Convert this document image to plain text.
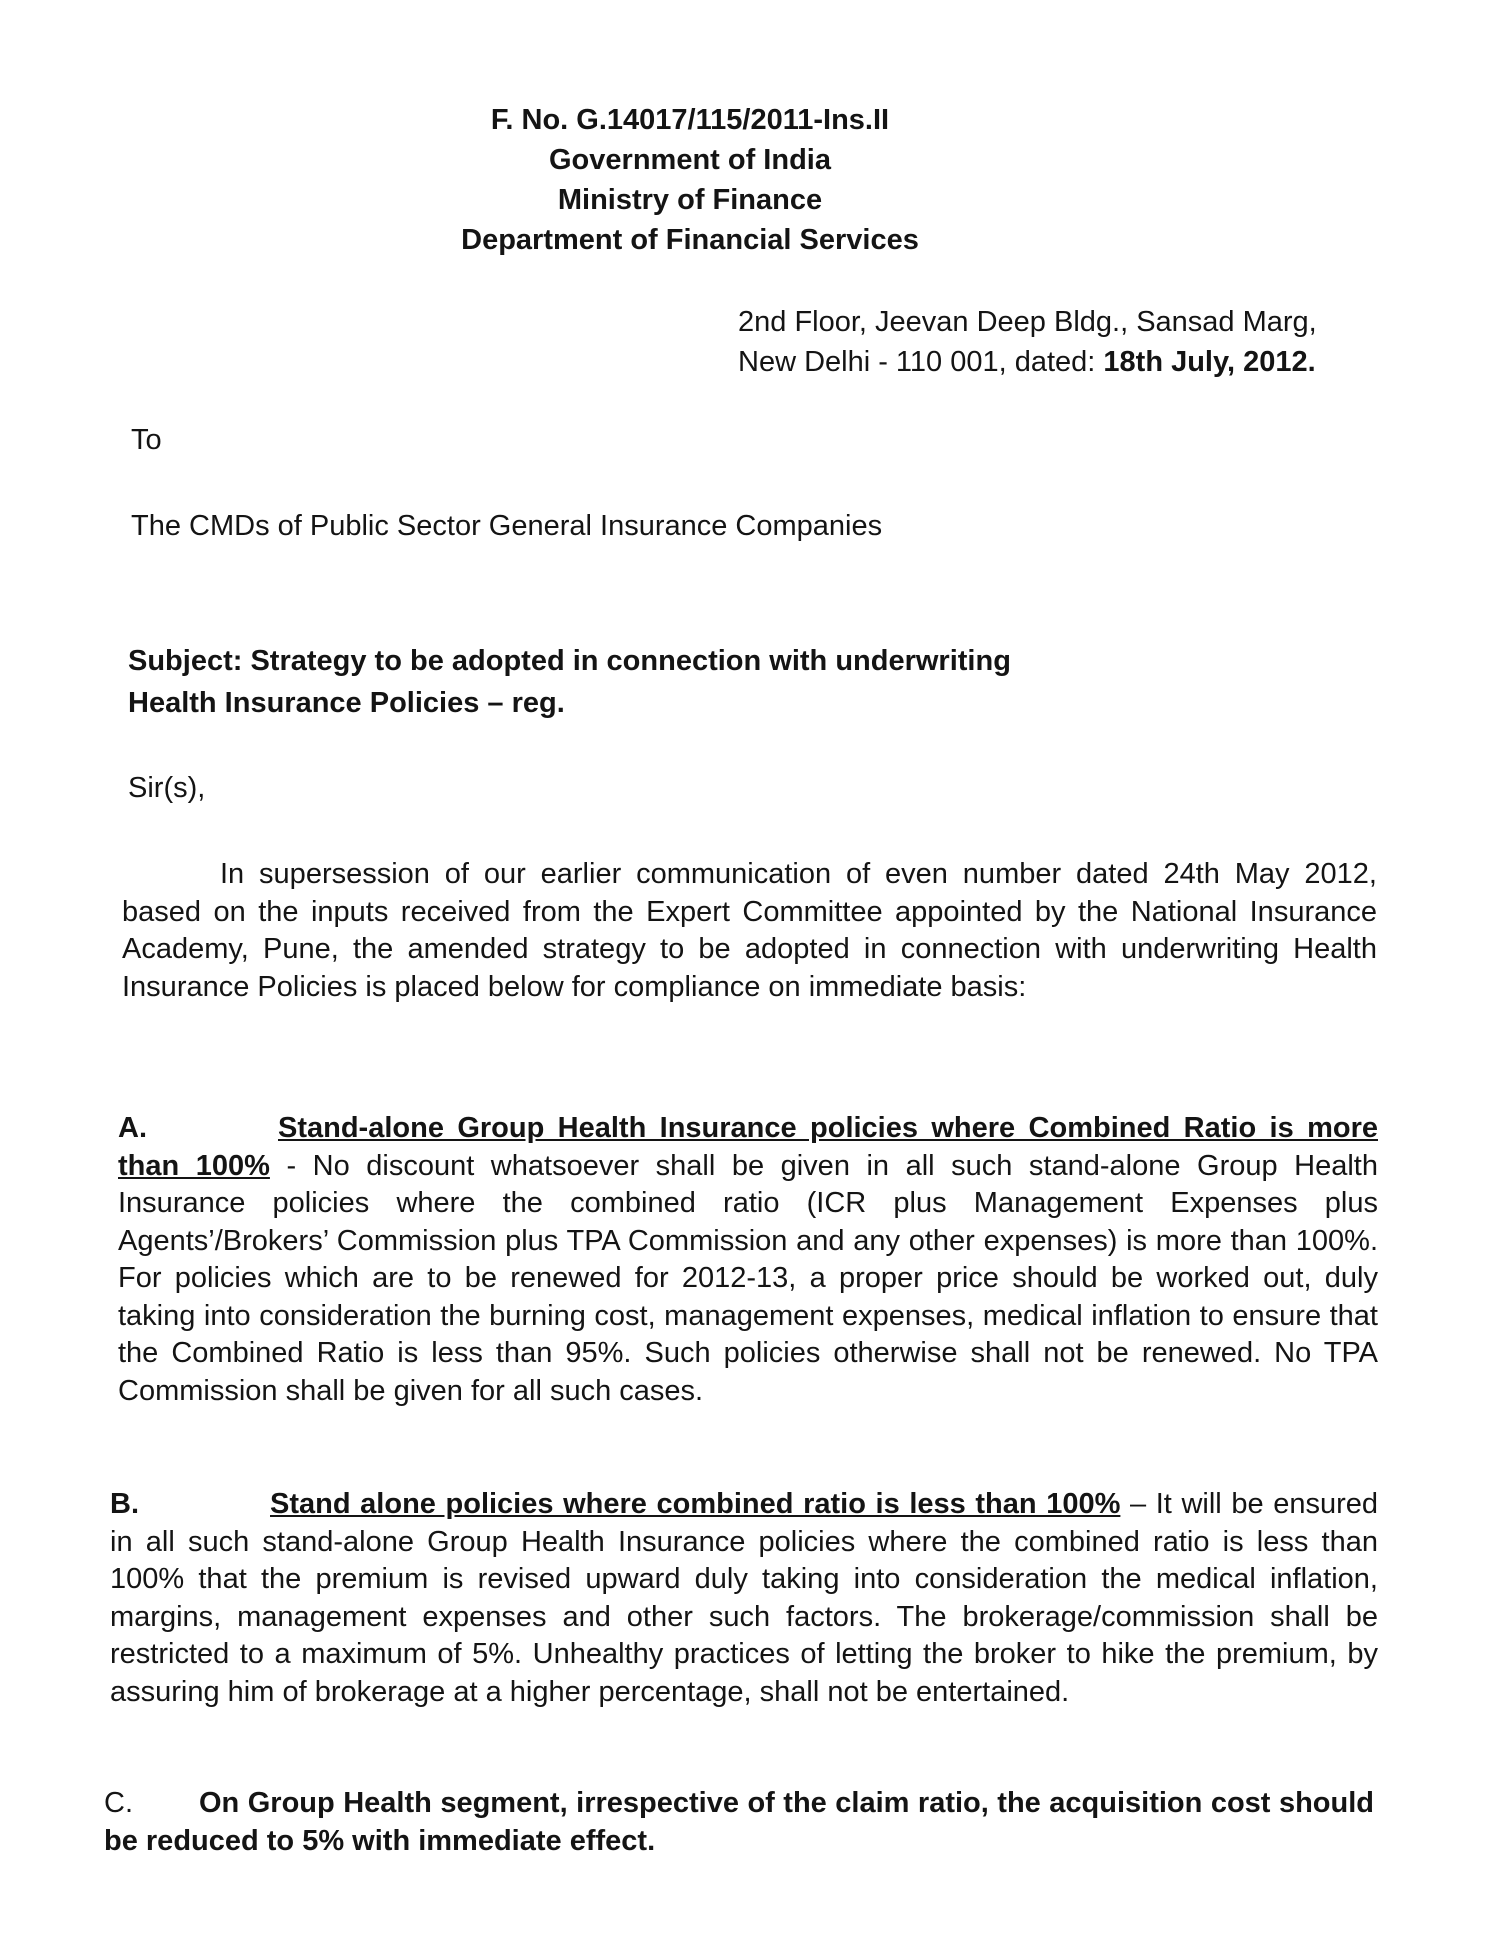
F. No. G.14017/115/2011-Ins.II
Government of India
Ministry of Finance
Department of Financial Services
2nd Floor, Jeevan Deep Bldg., Sansad Marg,
New Delhi - 110 001, dated: 18th July, 2012.
To
The CMDs of Public Sector General Insurance Companies
Subject: Strategy to be adopted in connection with underwriting
Health Insurance Policies – reg.
Sir(s),
In supersession of our earlier communication of even number dated 24th May 2012, based on the inputs received from the Expert Committee appointed by the National Insurance Academy, Pune, the amended strategy to be adopted in connection with underwriting Health Insurance Policies is placed below for compliance on immediate basis:
A.	Stand-alone Group Health Insurance policies where Combined Ratio is more than 100% - No discount whatsoever shall be given in all such stand-alone Group Health Insurance policies where the combined ratio (ICR plus Management Expenses plus Agents’/Brokers’ Commission plus TPA Commission and any other expenses) is more than 100%. For policies which are to be renewed for 2012-13, a proper price should be worked out, duly taking into consideration the burning cost, management expenses, medical inflation to ensure that the Combined Ratio is less than 95%. Such policies otherwise shall not be renewed. No TPA Commission shall be given for all such cases.
B.	Stand alone policies where combined ratio is less than 100% – It will be ensured in all such stand-alone Group Health Insurance policies where the combined ratio is less than 100% that the premium is revised upward duly taking into consideration the medical inflation, margins, management expenses and other such factors. The brokerage/commission shall be restricted to a maximum of 5%. Unhealthy practices of letting the broker to hike the premium, by assuring him of brokerage at a higher percentage, shall not be entertained.
C. On Group Health segment, irrespective of the claim ratio, the acquisition cost should be reduced to 5% with immediate effect.
